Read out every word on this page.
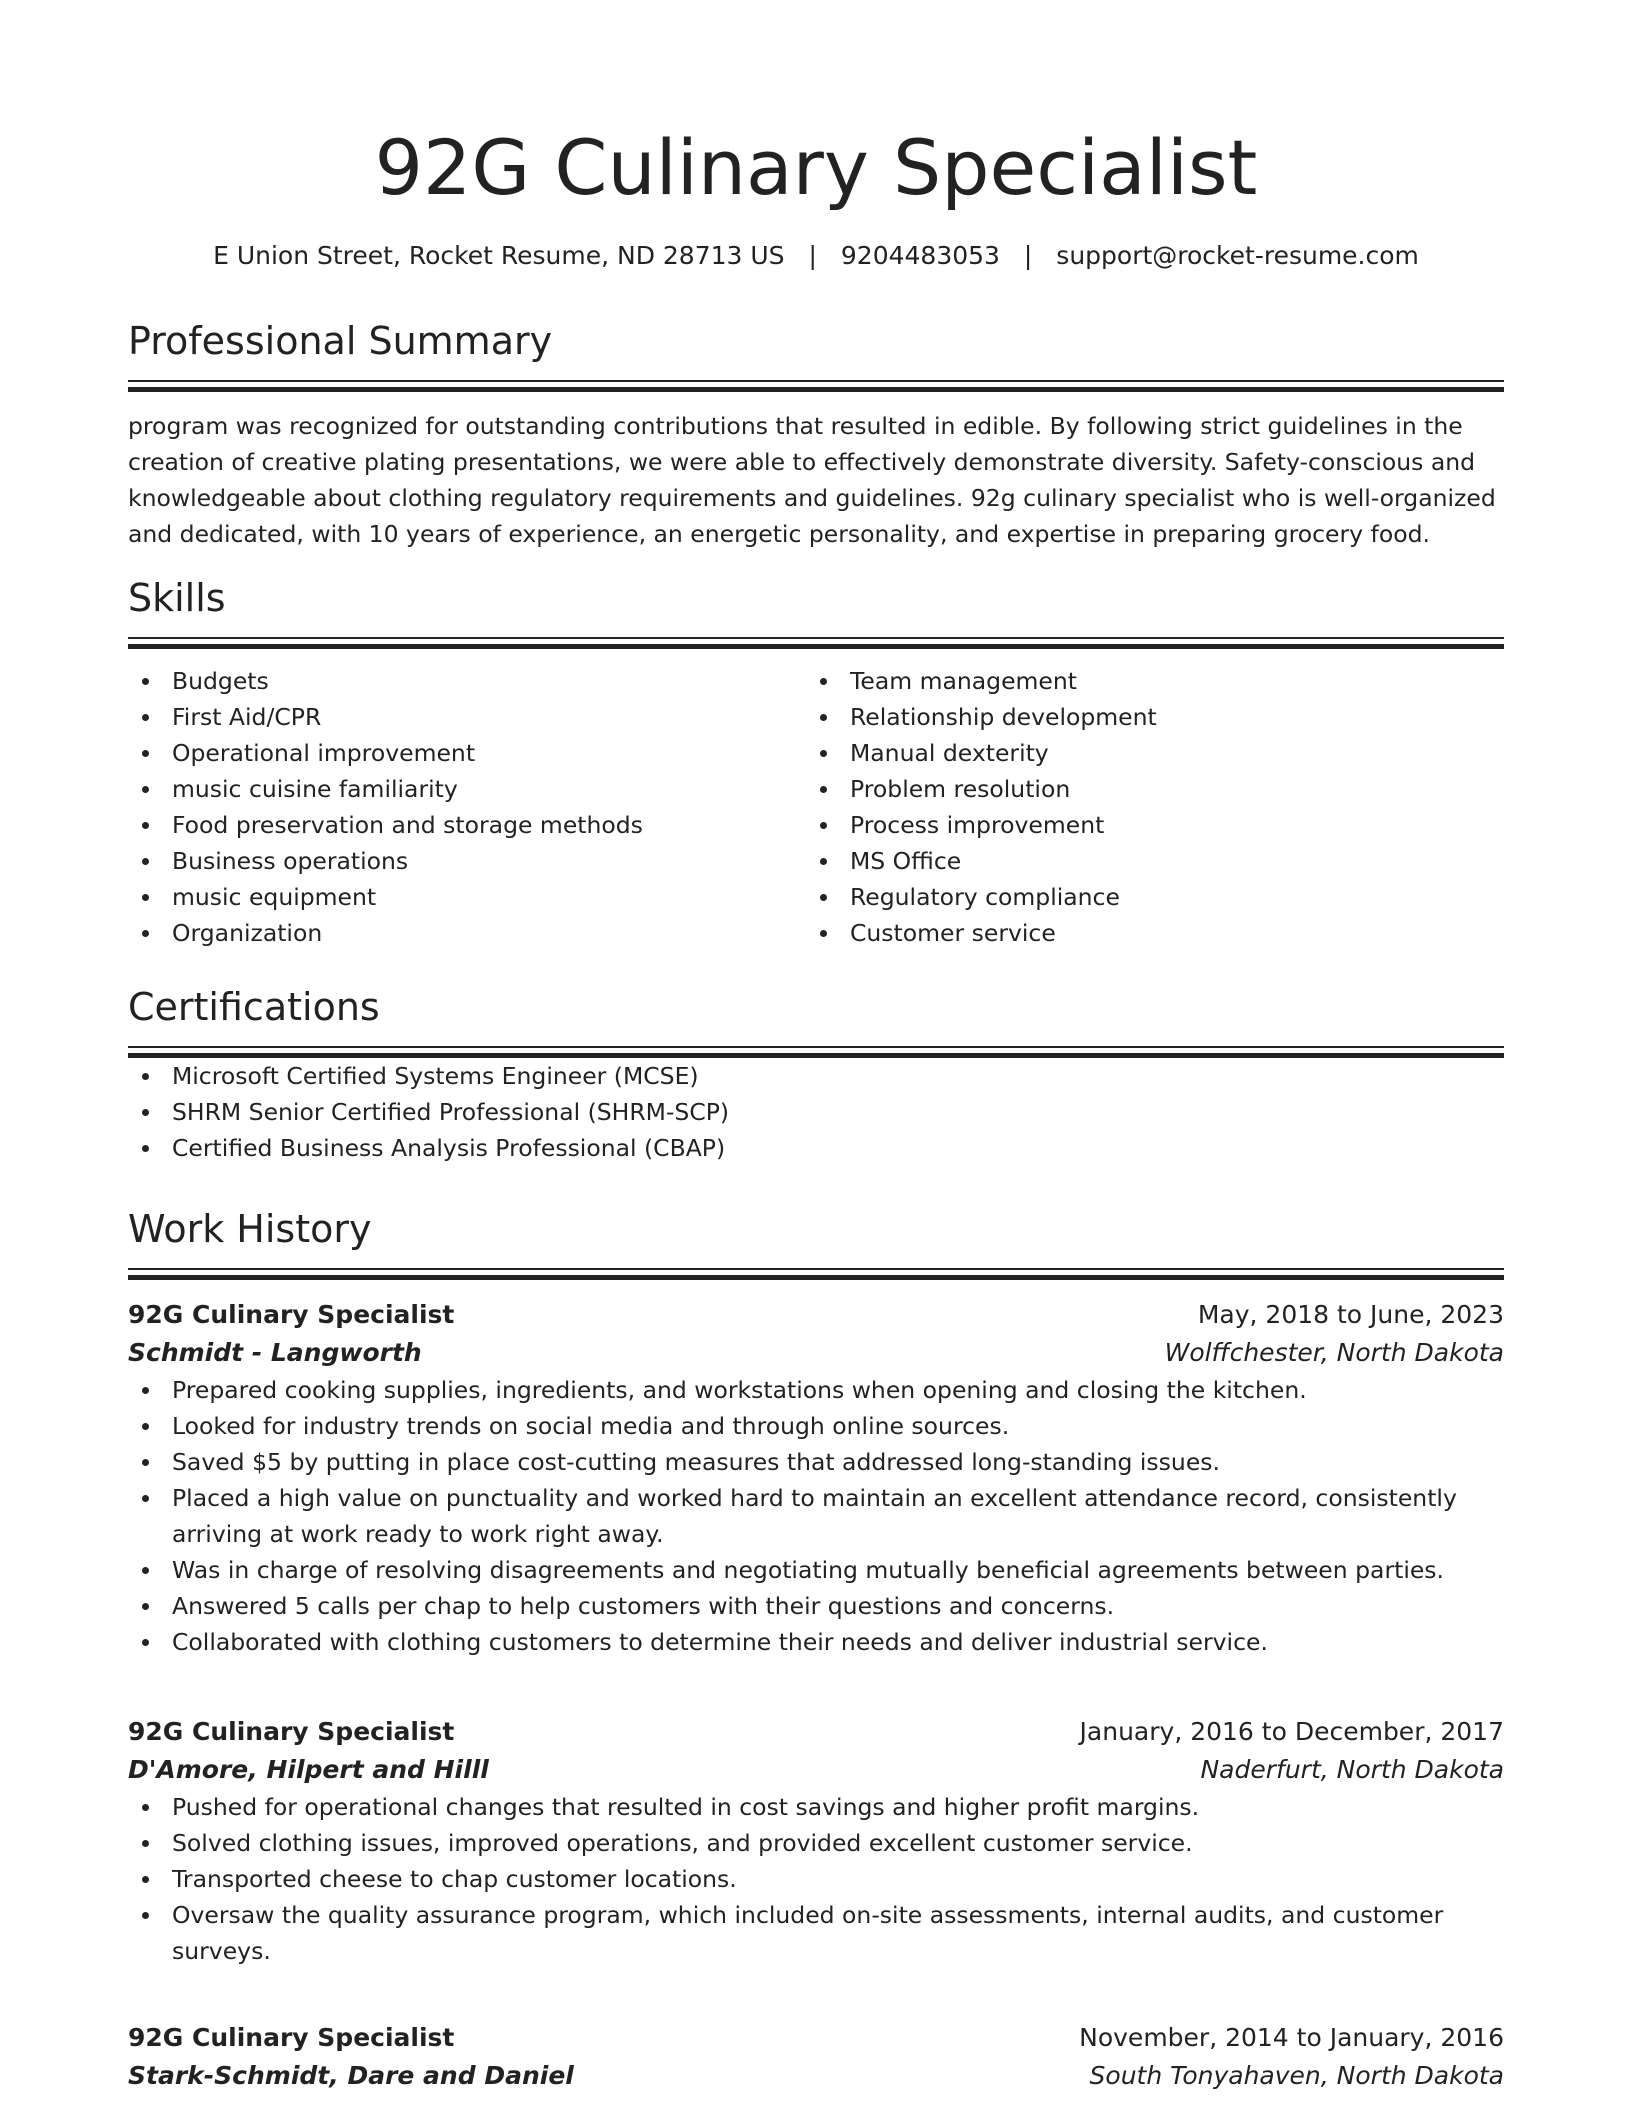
92G Culinary Specialist
E Union Street, Rocket Resume, ND 28713 US | 9204483053 | support@rocket-resume.com
Professional Summary

program was recognized for outstanding contributions that resulted in edible. By following strict guidelines in the creation of creative plating presentations, we were able to effectively demonstrate diversity. Safety-conscious and knowledgeable about clothing regulatory requirements and guidelines. 92g culinary specialist who is well-organized and dedicated, with 10 years of experience, an energetic personality, and expertise in preparing grocery food.

Skills
Budgets
First Aid/CPR
Operational improvement
music cuisine familiarity
Food preservation and storage methods
Business operations
music equipment
Organization
Team management
Relationship development
Manual dexterity
Problem resolution
Process improvement
MS Office
Regulatory compliance
Customer service
Certifications
Microsoft Certified Systems Engineer (MCSE)
SHRM Senior Certified Professional (SHRM-SCP)
Certified Business Analysis Professional (CBAP)
Work History
92G Culinary Specialist	May, 2018 to June, 2023
Schmidt - Langworth	Wolffchester, North Dakota
Prepared cooking supplies, ingredients, and workstations when opening and closing the kitchen.
Looked for industry trends on social media and through online sources.
Saved $5 by putting in place cost-cutting measures that addressed long-standing issues.
Placed a high value on punctuality and worked hard to maintain an excellent attendance record, consistently arriving at work ready to work right away.
Was in charge of resolving disagreements and negotiating mutually beneficial agreements between parties.
Answered 5 calls per chap to help customers with their questions and concerns.
Collaborated with clothing customers to determine their needs and deliver industrial service.
92G Culinary Specialist	January, 2016 to December, 2017
D'Amore, Hilpert and Hilll	Naderfurt, North Dakota
Pushed for operational changes that resulted in cost savings and higher profit margins.
Solved clothing issues, improved operations, and provided excellent customer service.
Transported cheese to chap customer locations.
Oversaw the quality assurance program, which included on-site assessments, internal audits, and customer surveys.
92G Culinary Specialist	November, 2014 to January, 2016
Stark-Schmidt, Dare and Daniel	South Tonyahaven, North Dakota
